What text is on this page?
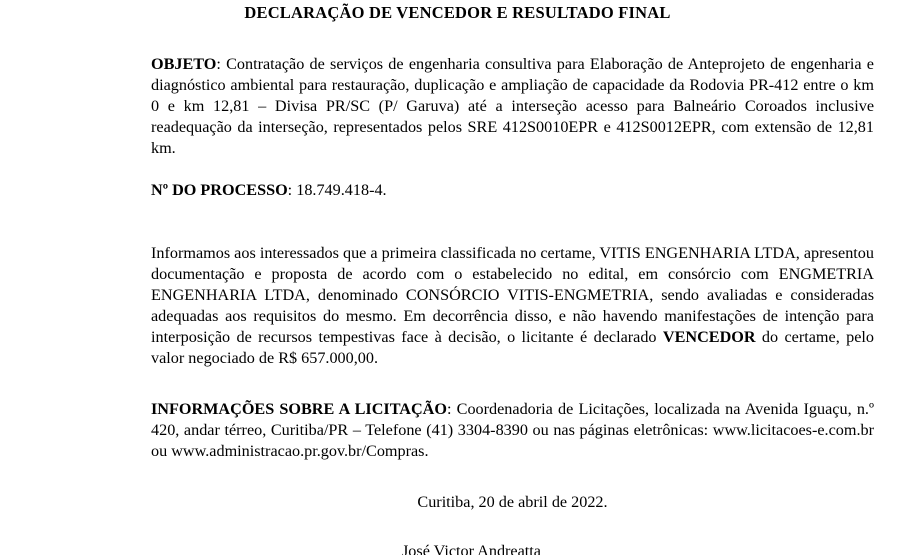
DECLARAÇÃO DE VENCEDOR E RESULTADO FINAL

OBJETO: Contratação de serviços de engenharia consultiva para Elaboração de Anteprojeto de engenharia e diagnóstico ambiental para restauração, duplicação e ampliação de capacidade da Rodovia PR-412 entre o km 0 e km 12,81 – Divisa PR/SC (P/ Garuva) até a interseção acesso para Balneário Coroados inclusive readequação da interseção, representados pelos SRE 412S0010EPR e 412S0012EPR, com extensão de 12,81 km.

Nº DO PROCESSO: 18.749.418-4.

Informamos aos interessados que a primeira classificada no certame, VITIS ENGENHARIA LTDA, apresentou documentação e proposta de acordo com o estabelecido no edital, em consórcio com ENGMETRIA ENGENHARIA LTDA, denominado CONSÓRCIO VITIS-ENGMETRIA, sendo avaliadas e consideradas adequadas aos requisitos do mesmo. Em decorrência disso, e não havendo manifestações de intenção para interposição de recursos tempestivas face à decisão, o licitante é declarado VENCEDOR do certame, pelo valor negociado de R$ 657.000,00.

INFORMAÇÕES SOBRE A LICITAÇÃO: Coordenadoria de Licitações, localizada na Avenida Iguaçu, n.º 420, andar térreo, Curitiba/PR – Telefone (41) 3304-8390 ou nas páginas eletrônicas: www.licitacoes-e.com.br ou www.administracao.pr.gov.br/Compras.

Curitiba, 20 de abril de 2022.

José Victor Andreatta
